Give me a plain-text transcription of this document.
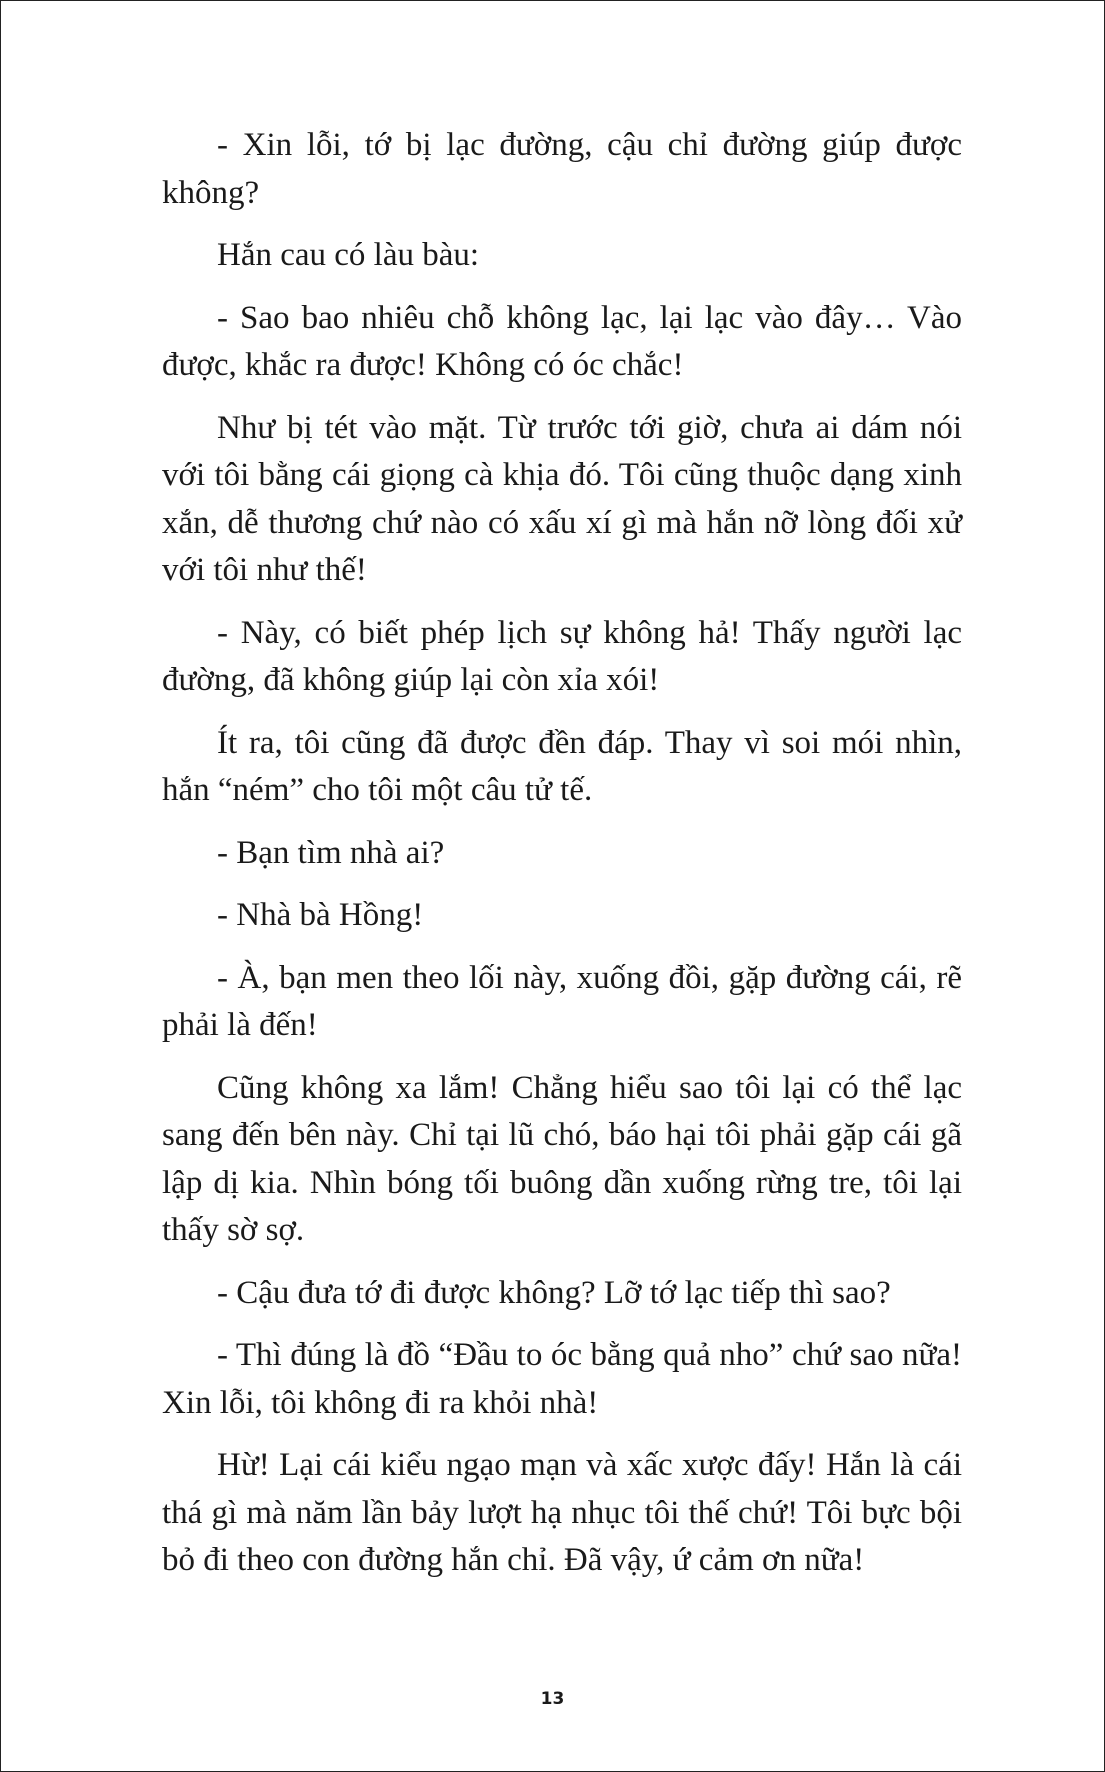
- Xin lỗi, tớ bị lạc đường, cậu chỉ đường giúp được không?

Hắn cau có làu bàu:

- Sao bao nhiêu chỗ không lạc, lại lạc vào đây… Vào được, khắc ra được! Không có óc chắc!

Như bị tét vào mặt. Từ trước tới giờ, chưa ai dám nói với tôi bằng cái giọng cà khịa đó. Tôi cũng thuộc dạng xinh xắn, dễ thương chứ nào có xấu xí gì mà hắn nỡ lòng đối xử với tôi như thế!

- Này, có biết phép lịch sự không hả! Thấy người lạc đường, đã không giúp lại còn xỉa xói!

Ít ra, tôi cũng đã được đền đáp. Thay vì soi mói nhìn, hắn “ném” cho tôi một câu tử tế.

- Bạn tìm nhà ai?

- Nhà bà Hồng!

- À, bạn men theo lối này, xuống đồi, gặp đường cái, rẽ phải là đến!

Cũng không xa lắm! Chẳng hiểu sao tôi lại có thể lạc sang đến bên này. Chỉ tại lũ chó, báo hại tôi phải gặp cái gã lập dị kia. Nhìn bóng tối buông dần xuống rừng tre, tôi lại thấy sờ sợ.

- Cậu đưa tớ đi được không? Lỡ tớ lạc tiếp thì sao?

- Thì đúng là đồ “Đầu to óc bằng quả nho” chứ sao nữa! Xin lỗi, tôi không đi ra khỏi nhà!

Hừ! Lại cái kiểu ngạo mạn và xấc xược đấy! Hắn là cái thá gì mà năm lần bảy lượt hạ nhục tôi thế chứ! Tôi bực bội bỏ đi theo con đường hắn chỉ. Đã vậy, ứ cảm ơn nữa!

13
